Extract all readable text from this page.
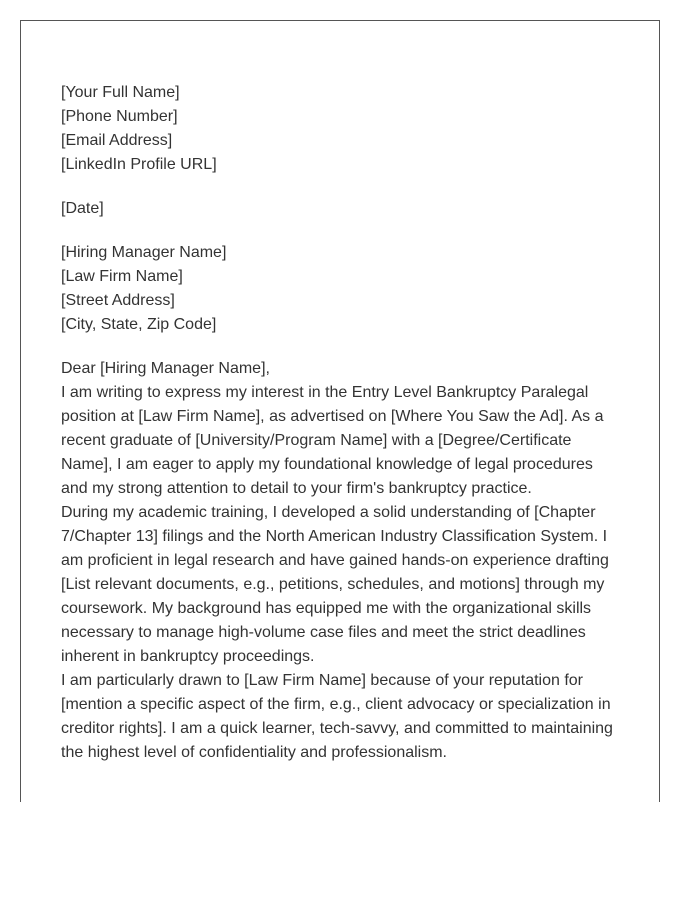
[Your Full Name]

[Phone Number]

[Email Address]

[LinkedIn Profile URL]

[Date]

[Hiring Manager Name]

[Law Firm Name]

[Street Address]

[City, State, Zip Code]

Dear [Hiring Manager Name],

I am writing to express my interest in the Entry Level Bankruptcy Paralegal position at [Law Firm Name], as advertised on [Where You Saw the Ad]. As a recent graduate of [University/Program Name] with a [Degree/Certificate Name], I am eager to apply my foundational knowledge of legal procedures and my strong attention to detail to your firm's bankruptcy practice.

During my academic training, I developed a solid understanding of [Chapter 7/Chapter 13] filings and the North American Industry Classification System. I am proficient in legal research and have gained hands-on experience drafting [List relevant documents, e.g., petitions, schedules, and motions] through my coursework. My background has equipped me with the organizational skills necessary to manage high-volume case files and meet the strict deadlines inherent in bankruptcy proceedings.

I am particularly drawn to [Law Firm Name] because of your reputation for [mention a specific aspect of the firm, e.g., client advocacy or specialization in creditor rights]. I am a quick learner, tech-savvy, and committed to maintaining the highest level of confidentiality and professionalism.
